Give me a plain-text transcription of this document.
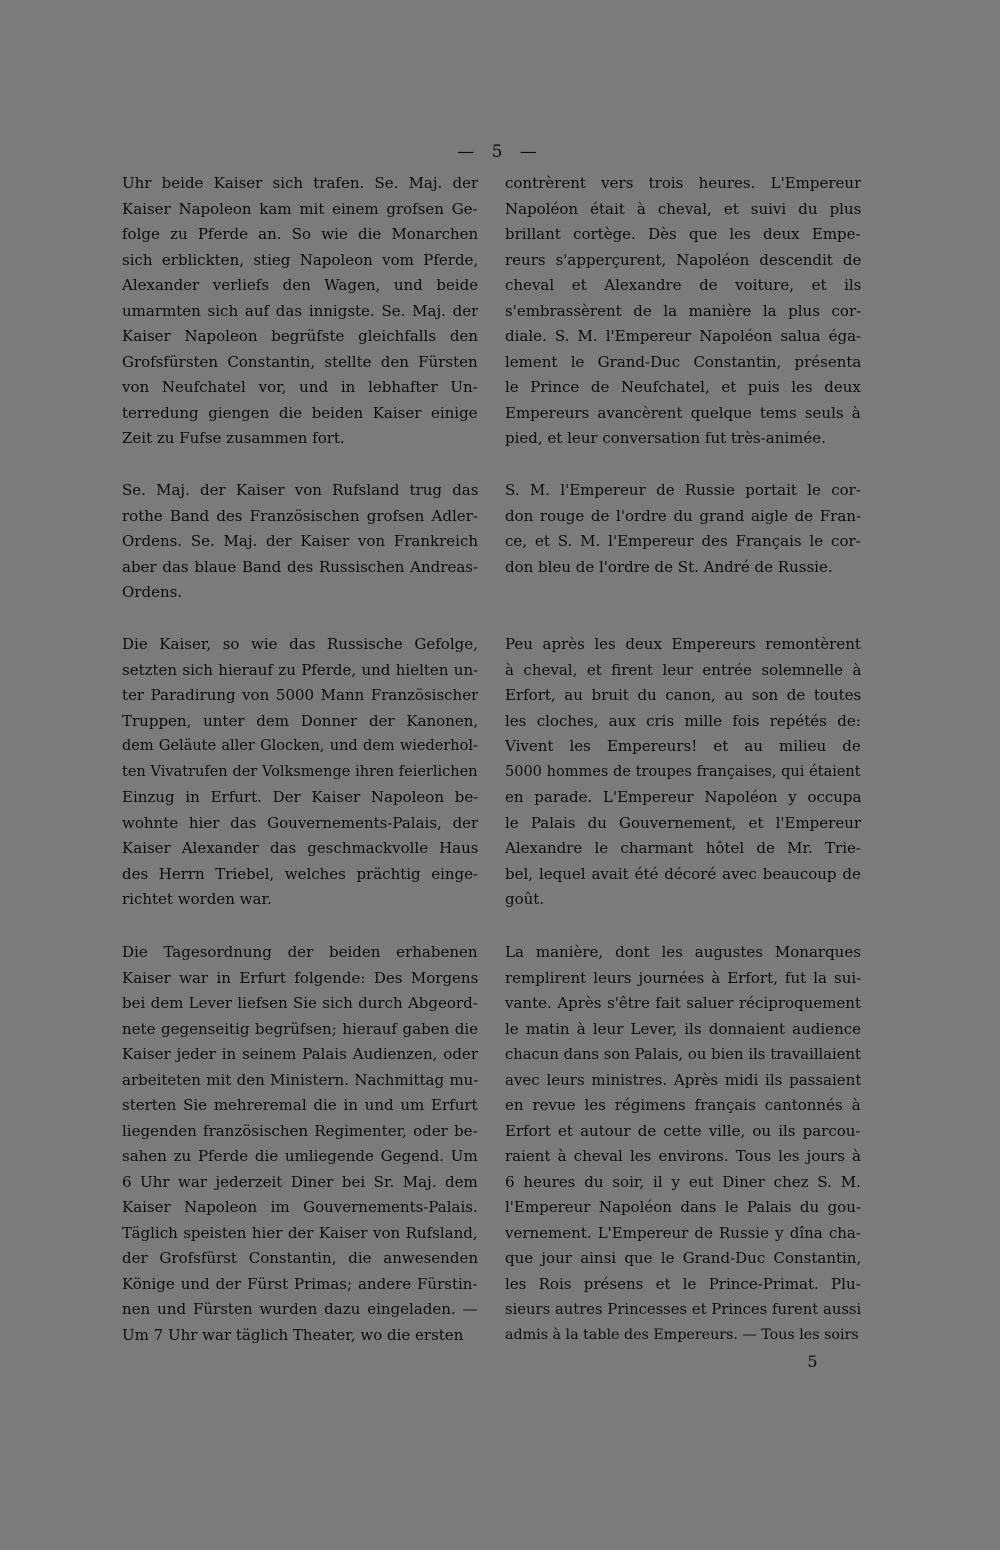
— 5 —
Uhr beide Kaiser sich trafen. Se. Maj. der
Kaiser Napoleon kam mit einem grofsen Ge-
folge zu Pferde an. So wie die Monarchen
sich erblickten, stieg Napoleon vom Pferde,
Alexander verliefs den Wagen, und beide
umarmten sich auf das innigste. Se. Maj. der
Kaiser Napoleon begrüfste gleichfalls den
Grofsfürsten Constantin, stellte den Fürsten
von Neufchatel vor, und in lebhafter Un-
terredung giengen die beiden Kaiser einige
Zeit zu Fufse zusammen fort.
Se. Maj. der Kaiser von Rufsland trug das
rothe Band des Französischen grofsen Adler-
Ordens. Se. Maj. der Kaiser von Frankreich
aber das blaue Band des Russischen Andreas-
Ordens.
Die Kaiser, so wie das Russische Gefolge,
setzten sich hierauf zu Pferde, und hielten un-
ter Paradirung von 5000 Mann Französischer
Truppen, unter dem Donner der Kanonen,
dem Geläute aller Glocken, und dem wiederhol-
ten Vivatrufen der Volksmenge ihren feierlichen
Einzug in Erfurt. Der Kaiser Napoleon be-
wohnte hier das Gouvernements-Palais, der
Kaiser Alexander das geschmackvolle Haus
des Herrn Triebel, welches prächtig einge-
richtet worden war.
Die Tagesordnung der beiden erhabenen
Kaiser war in Erfurt folgende: Des Morgens
bei dem Lever liefsen Sie sich durch Abgeord-
nete gegenseitig begrüfsen; hierauf gaben die
Kaiser jeder in seinem Palais Audienzen, oder
arbeiteten mit den Ministern. Nachmittag mu-
sterten Sie mehreremal die in und um Erfurt
liegenden französischen Regimenter, oder be-
sahen zu Pferde die umliegende Gegend. Um
6 Uhr war jederzeit Diner bei Sr. Maj. dem
Kaiser Napoleon im Gouvernements-Palais.
Täglich speisten hier der Kaiser von Rufsland,
der Grofsfürst Constantin, die anwesenden
Könige und der Fürst Primas; andere Fürstin-
nen und Fürsten wurden dazu eingeladen. —
Um 7 Uhr war täglich Theater, wo die ersten
contrèrent vers trois heures. L'Empereur
Napoléon était à cheval, et suivi du plus
brillant cortège. Dès que les deux Empe-
reurs s'apperçurent, Napoléon descendit de
cheval et Alexandre de voiture, et ils
s'embrassèrent de la manière la plus cor-
diale. S. M. l'Empereur Napoléon salua éga-
lement le Grand-Duc Constantin, présenta
le Prince de Neufchatel, et puis les deux
Empereurs avancèrent quelque tems seuls à
pied, et leur conversation fut très-animée.
S. M. l'Empereur de Russie portait le cor-
don rouge de l'ordre du grand aigle de Fran-
ce, et S. M. l'Empereur des Français le cor-
don bleu de l'ordre de St. André de Russie.
Peu après les deux Empereurs remontèrent
à cheval, et firent leur entrée solemnelle à
Erfort, au bruit du canon, au son de toutes
les cloches, aux cris mille fois repétés de:
Vivent les Empereurs! et au milieu de
5000 hommes de troupes françaises, qui étaient
en parade. L'Empereur Napoléon y occupa
le Palais du Gouvernement, et l'Empereur
Alexandre le charmant hôtel de Mr. Trie-
bel, lequel avait été décoré avec beaucoup de
goût.
La manière, dont les augustes Monarques
remplirent leurs journées à Erfort, fut la sui-
vante. Après s'être fait saluer réciproquement
le matin à leur Lever, ils donnaient audience
chacun dans son Palais, ou bien ils travaillaient
avec leurs ministres. Après midi ils passaient
en revue les régimens français cantonnés à
Erfort et autour de cette ville, ou ils parcou-
raient à cheval les environs. Tous les jours à
6 heures du soir, il y eut Diner chez S. M.
l'Empereur Napoléon dans le Palais du gou-
vernement. L'Empereur de Russie y dîna cha-
que jour ainsi que le Grand-Duc Constantin,
les Rois présens et le Prince-Primat. Plu-
sieurs autres Princesses et Princes furent aussi
admis à la table des Empereurs. — Tous les soirs
5
